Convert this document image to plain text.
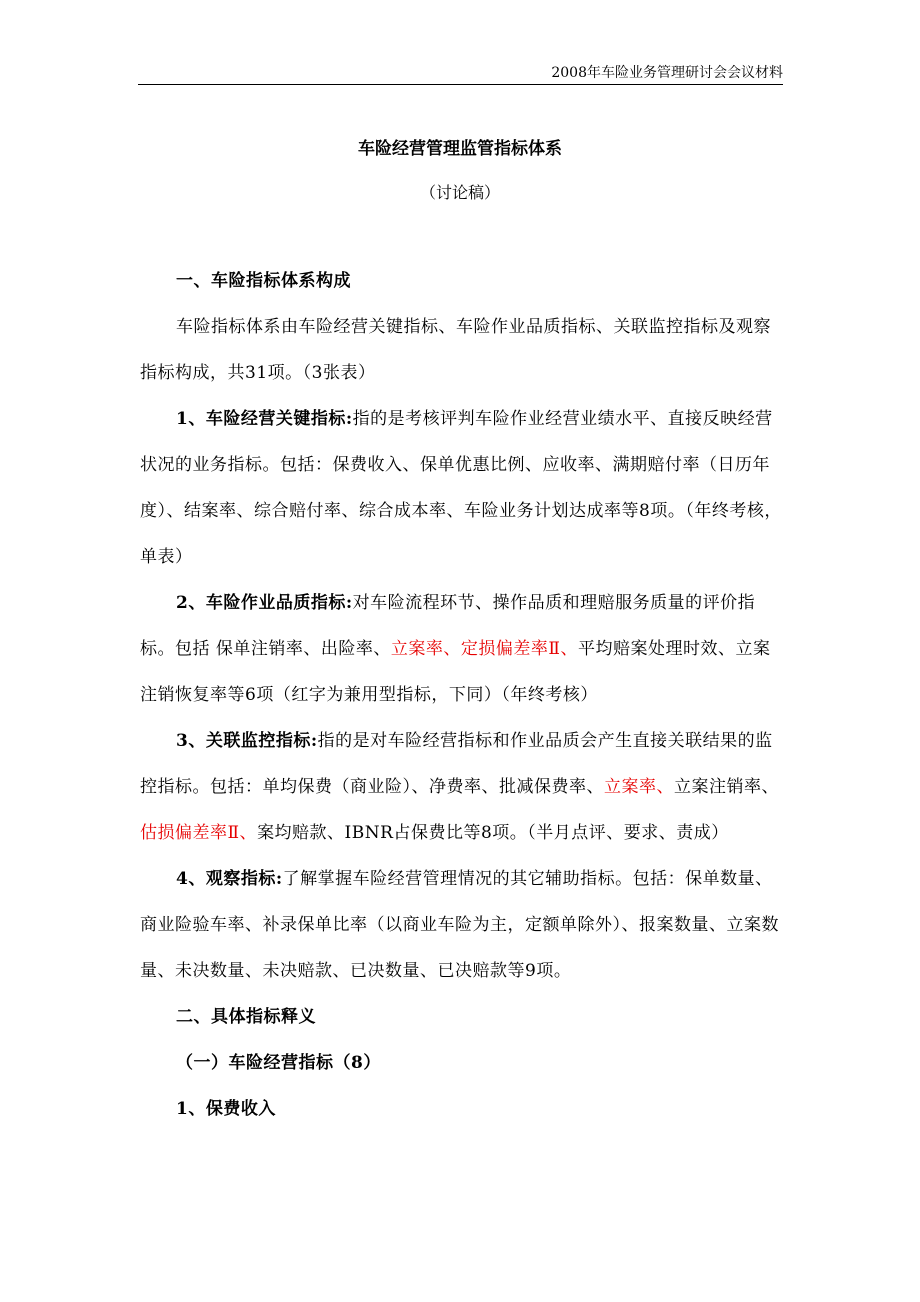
2008年车险业务管理研讨会会议材料
车险经营管理监管指标体系
（讨论稿）

一、车险指标体系构成

车险指标体系由车险经营关键指标、车险作业品质指标、关联监控指标及观察指标构成，共31项。（3张表）

1、车险经营关键指标:指的是考核评判车险作业经营业绩水平、直接反映经营状况的业务指标。包括：保费收入、保单优惠比例、应收率、满期赔付率（日历年度）、结案率、综合赔付率、综合成本率、车险业务计划达成率等8项。（年终考核，单表）

2、车险作业品质指标:对车险流程环节、操作品质和理赔服务质量的评价指标。包括 保单注销率、出险率、立案率、定损偏差率Ⅱ、平均赔案处理时效、立案注销恢复率等6项（红字为兼用型指标，下同）（年终考核）

3、关联监控指标:指的是对车险经营指标和作业品质会产生直接关联结果的监控指标。包括：单均保费（商业险）、净费率、批减保费率、立案率、立案注销率、估损偏差率Ⅱ、案均赔款、IBNR占保费比等8项。（半月点评、要求、责成）

4、观察指标:了解掌握车险经营管理情况的其它辅助指标。包括：保单数量、商业险验车率、补录保单比率（以商业车险为主，定额单除外）、报案数量、立案数量、未决数量、未决赔款、已决数量、已决赔款等9项。

二、具体指标释义

（一）车险经营指标（8）

1、保费收入
